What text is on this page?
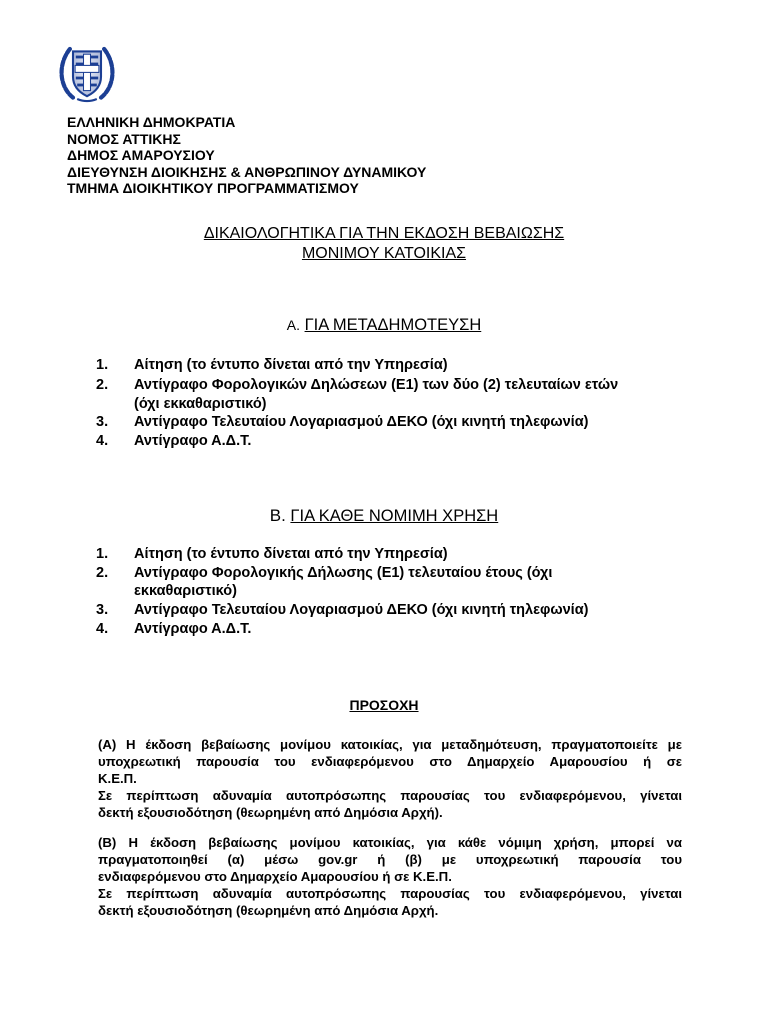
ΕΛΛΗΝΙΚΗ ΔΗΜΟΚΡΑΤΙΑ
ΝΟΜΟΣ ΑΤΤΙΚΗΣ
ΔΗΜΟΣ ΑΜΑΡΟΥΣΙΟΥ
ΔΙΕΥΘΥΝΣΗ ΔΙΟΙΚΗΣΗΣ & ΑΝΘΡΩΠΙΝΟΥ ΔΥΝΑΜΙΚΟΥ
ΤΜΗΜΑ ΔΙΟΙΚΗΤΙΚΟΥ ΠΡΟΓΡΑΜΜΑΤΙΣΜΟΥ
ΔΙΚΑΙΟΛΟΓΗΤΙΚΑ ΓΙΑ ΤΗΝ ΕΚΔΟΣΗ ΒΕΒΑΙΩΣΗΣ
ΜΟΝΙΜΟΥ ΚΑΤΟΙΚΙΑΣ
Α. ΓΙΑ ΜΕΤΑΔΗΜΟΤΕΥΣΗ
1. Αίτηση (το έντυπο δίνεται από την Υπηρεσία)
2. Αντίγραφο Φορολογικών Δηλώσεων (Ε1) των δύο (2) τελευταίων ετών
(όχι εκκαθαριστικό)
3. Αντίγραφο Τελευταίου Λογαριασμού ΔΕΚΟ (όχι κινητή τηλεφωνία)
4. Αντίγραφο Α.Δ.Τ.
Β. ΓΙΑ ΚΑΘΕ ΝΟΜΙΜΗ ΧΡΗΣΗ
1. Αίτηση (το έντυπο δίνεται από την Υπηρεσία)
2. Αντίγραφο Φορολογικής Δήλωσης (Ε1) τελευταίου έτους (όχι
εκκαθαριστικό)
3. Αντίγραφο Τελευταίου Λογαριασμού ΔΕΚΟ (όχι κινητή τηλεφωνία)
4. Αντίγραφο Α.Δ.Τ.
ΠΡΟΣΟΧΗ

(Α) Η έκδοση βεβαίωσης μονίμου κατοικίας, για μεταδημότευση, πραγματοποιείτε με υποχρεωτική παρουσία του ενδιαφερόμενου στο Δημαρχείο Αμαρουσίου ή σε

Κ.Ε.Π.

Σε περίπτωση αδυναμία αυτοπρόσωπης παρουσίας του ενδιαφερόμενου, γίνεται

δεκτή εξουσιοδότηση (θεωρημένη από Δημόσια Αρχή).

(Β) Η έκδοση βεβαίωσης μονίμου κατοικίας, για κάθε νόμιμη χρήση, μπορεί να πραγματοποιηθεί (α) μέσω gov.gr ή (β) με υποχρεωτική παρουσία του

ενδιαφερόμενου στο Δημαρχείο Αμαρουσίου ή σε Κ.Ε.Π.

Σε περίπτωση αδυναμία αυτοπρόσωπης παρουσίας του ενδιαφερόμενου, γίνεται

δεκτή εξουσιοδότηση (θεωρημένη από Δημόσια Αρχή.
